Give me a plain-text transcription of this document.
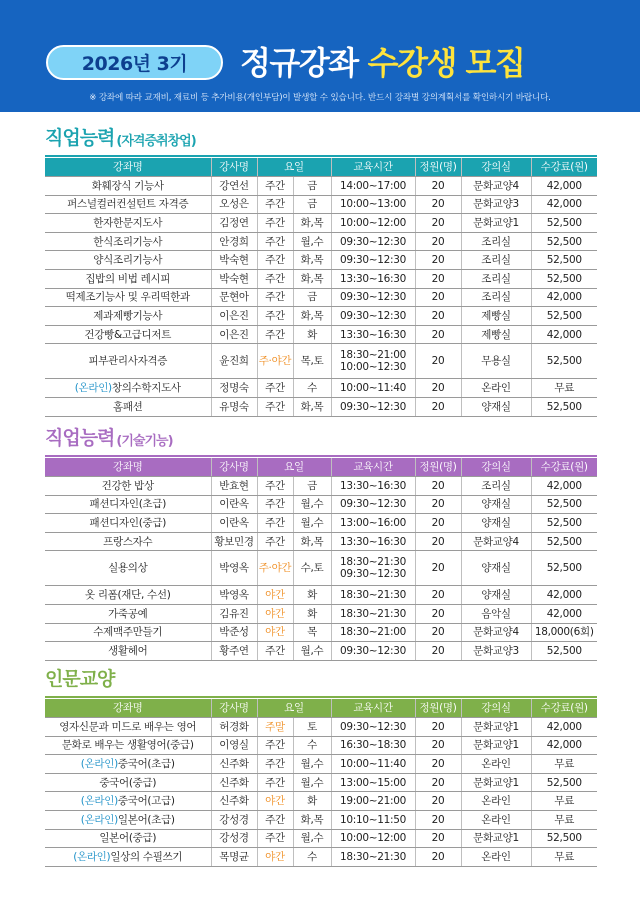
2026년 3기	정규강좌 수강생 모집
※ 강좌에 따라 교재비, 재료비 등 추가비용(개인부담)이 발생할 수 있습니다. 반드시 강좌별 강의계획서를 확인하시기 바랍니다.
직업능력 (자격증취창업)
강좌명	강사명	요일		교육시간	정원(명)	강의실	수강료(원)
화훼장식 기능사	강연선	주간	금	14:00~17:00	20	문화교양4	42,000
퍼스널컬러컨설턴트 자격증	오성은	주간	금	10:00~13:00	20	문화교양3	42,000
한자한문지도사	김정연	주간	화,목	10:00~12:00	20	문화교양1	52,500
한식조리기능사	안경희	주간	월,수	09:30~12:30	20	조리실	52,500
양식조리기능사	박숙현	주간	화,목	09:30~12:30	20	조리실	52,500
집밥의 비법 레시피	박숙현	주간	화,목	13:30~16:30	20	조리실	52,500
떡제조기능사 및 우리떡한과	문현아	주간	금	09:30~12:30	20	조리실	42,000
제과제빵기능사	이은진	주간	화,목	09:30~12:30	20	제빵실	52,500
건강빵&고급디저트	이은진	주간	화	13:30~16:30	20	제빵실	42,000
피부관리사자격증	윤진희	주·야간	목,토	18:30~21:00
10:00~12:30	20	무용실	52,500
(온라인)창의수학지도사	정명숙	주간	수	10:00~11:40	20	온라인	무료
홈패션	유명숙	주간	화,목	09:30~12:30	20	양재실	52,500
직업능력 (기술기능)
강좌명	강사명	요일		교육시간	정원(명)	강의실	수강료(원)
건강한 밥상	반효현	주간	금	13:30~16:30	20	조리실	42,000
패션디자인(초급)	이란옥	주간	월,수	09:30~12:30	20	양재실	52,500
패션디자인(중급)	이란옥	주간	월,수	13:00~16:00	20	양재실	52,500
프랑스자수	황보민경	주간	화,목	13:30~16:30	20	문화교양4	52,500
실용의상	박영옥	주·야간	수,토	18:30~21:30
09:30~12:30	20	양재실	52,500
옷 리폼(재단, 수선)	박영옥	야간	화	18:30~21:30	20	양재실	42,000
가죽공예	김유진	야간	화	18:30~21:30	20	음악실	42,000
수제맥주만들기	박준성	야간	목	18:30~21:00	20	문화교양4	18,000(6회)
생활헤어	황주연	주간	월,수	09:30~12:30	20	문화교양3	52,500
인문교양
강좌명	강사명	요일		교육시간	정원(명)	강의실	수강료(원)
영자신문과 미드로 배우는 영어	허경화	주말	토	09:30~12:30	20	문화교양1	42,000
문화로 배우는 생활영어(중급)	이영실	주간	수	16:30~18:30	20	문화교양1	42,000
(온라인)중국어(초급)	신주화	주간	월,수	10:00~11:40	20	온라인	무료
중국어(중급)	신주화	주간	월,수	13:00~15:00	20	문화교양1	52,500
(온라인)중국어(고급)	신주화	야간	화	19:00~21:00	20	온라인	무료
(온라인)일본어(초급)	강성경	주간	화,목	10:10~11:50	20	온라인	무료
일본어(중급)	강성경	주간	월,수	10:00~12:00	20	문화교양1	52,500
(온라인)일상의 수필쓰기	목명균	야간	수	18:30~21:30	20	온라인	무료
